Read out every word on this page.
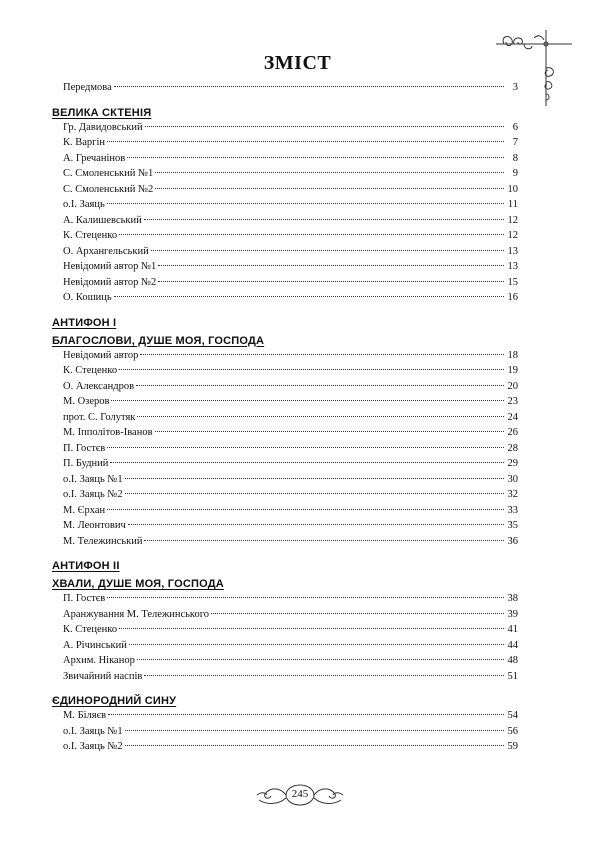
ЗМІСТ
Передмова	3
ВЕЛИКА СКТЕНІЯ
Гр. Давидовський	6
К. Варгін	7
А. Гречанінов	8
С. Смоленський №1	9
С. Смоленський №2	10
о.І. Заяць	11
А. Калишевський	12
К. Стеценко	12
О. Архангельський	13
Невідомий автор №1	13
Невідомий автор №2	15
О. Кошиць	16
АНТИФОН І
БЛАГОСЛОВИ, ДУШЕ МОЯ, ГОСПОДА
Невідомий автор	18
К. Стеценко	19
О. Александров	20
М. Озеров	23
прот. С. Голутяк	24
М. Іпполітов-Іванов	26
П. Гостєв	28
П. Будний	29
о.І. Заяць №1	30
о.І. Заяць №2	32
М. Єрхан	33
М. Леонтович	35
М. Тележинський	36
АНТИФОН ІІ
ХВАЛИ, ДУШЕ МОЯ, ГОСПОДА
П. Гостєв	38
Аранжування М. Тележинського	39
К. Стеценко	41
А. Річинський	44
Архим. Ніканор	48
Звичайний наспів	51
ЄДИНОРОДНИЙ СИНУ
М. Біляєв	54
о.І. Заяць №1	56
о.І. Заяць №2	59
245
